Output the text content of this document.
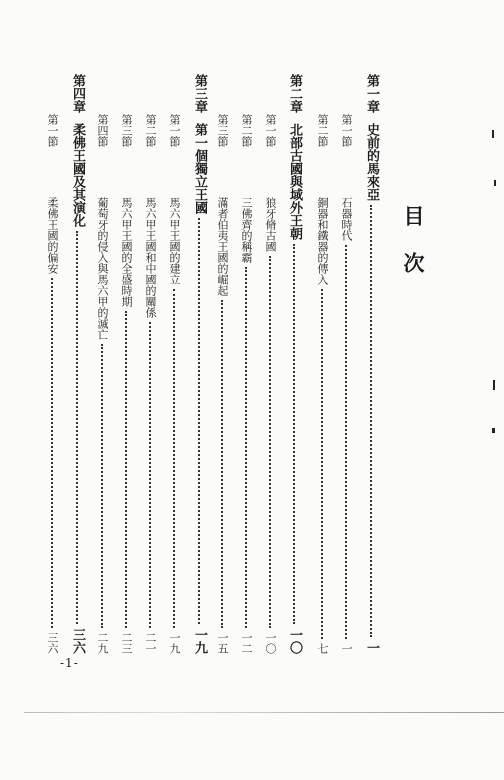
目次
第一章
史前的馬來亞
一
第一節
石器時代
一
第二節
銅器和鐵器的傳入
七
第二章
北部古國與域外王朝
一〇
第一節
狼牙脩古國
一〇
第二節
三佛齊的稱霸
一二
第三節
滿者伯夷王國的崛起
一五
第三章
第一個獨立王國
一九
第一節
馬六甲王國的建立
一九
第二節
馬六甲王國和中國的關係
二一
第三節
馬六甲王國的全盛時期
二三
第四節
葡萄牙的侵入與馬六甲的滅亡
二九
第四章
柔佛王國及其演化
三六
第一節
柔佛王國的偏安
三六
-1-
